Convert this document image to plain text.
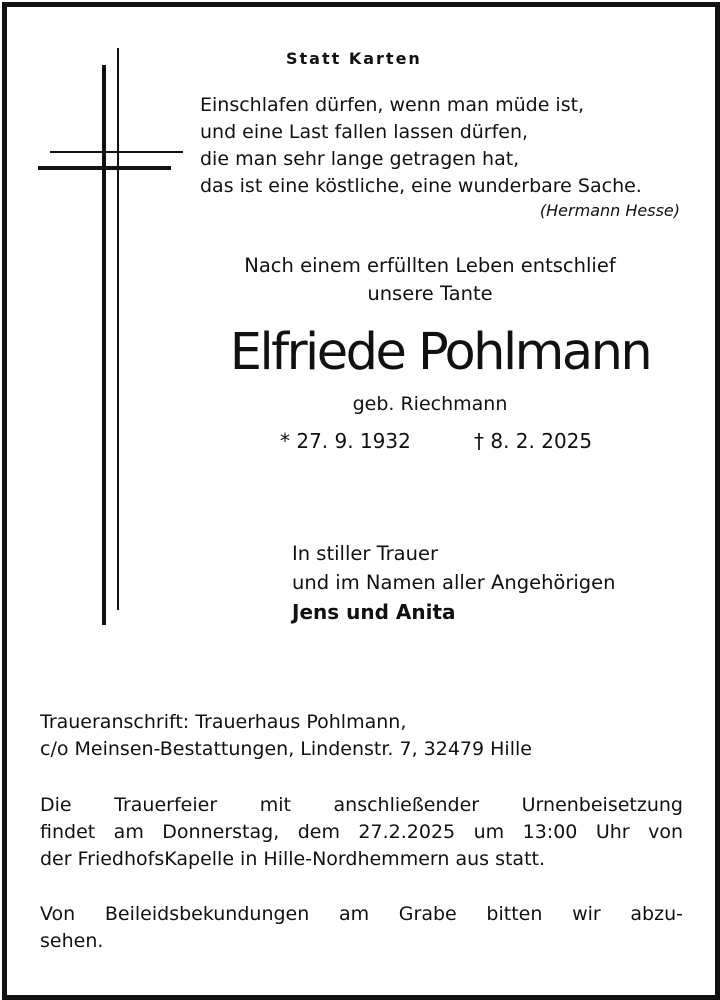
Statt Karten
Einschlafen dürfen, wenn man müde ist,
und eine Last fallen lassen dürfen,
die man sehr lange getragen hat,
das ist eine köstliche, eine wunderbare Sache.
(Hermann Hesse)
Nach einem erfüllten Leben entschlief
unsere Tante
Elfriede Pohlmann
geb. Riechmann
* 27. 9. 1932	† 8. 2. 2025
In stiller Trauer
und im Namen aller Angehörigen
Jens und Anita
Traueranschrift: Trauerhaus Pohlmann,
c/o Meinsen-Bestattungen, Lindenstr. 7, 32479 Hille
Die Trauerfeier mit anschließender Urnenbeisetzung
findet am Donnerstag, dem 27.2.2025 um 13:00 Uhr von
der FriedhofsKapelle in Hille-Nordhemmern aus statt.
Von Beileidsbekundungen am Grabe bitten wir abzu-
sehen.
